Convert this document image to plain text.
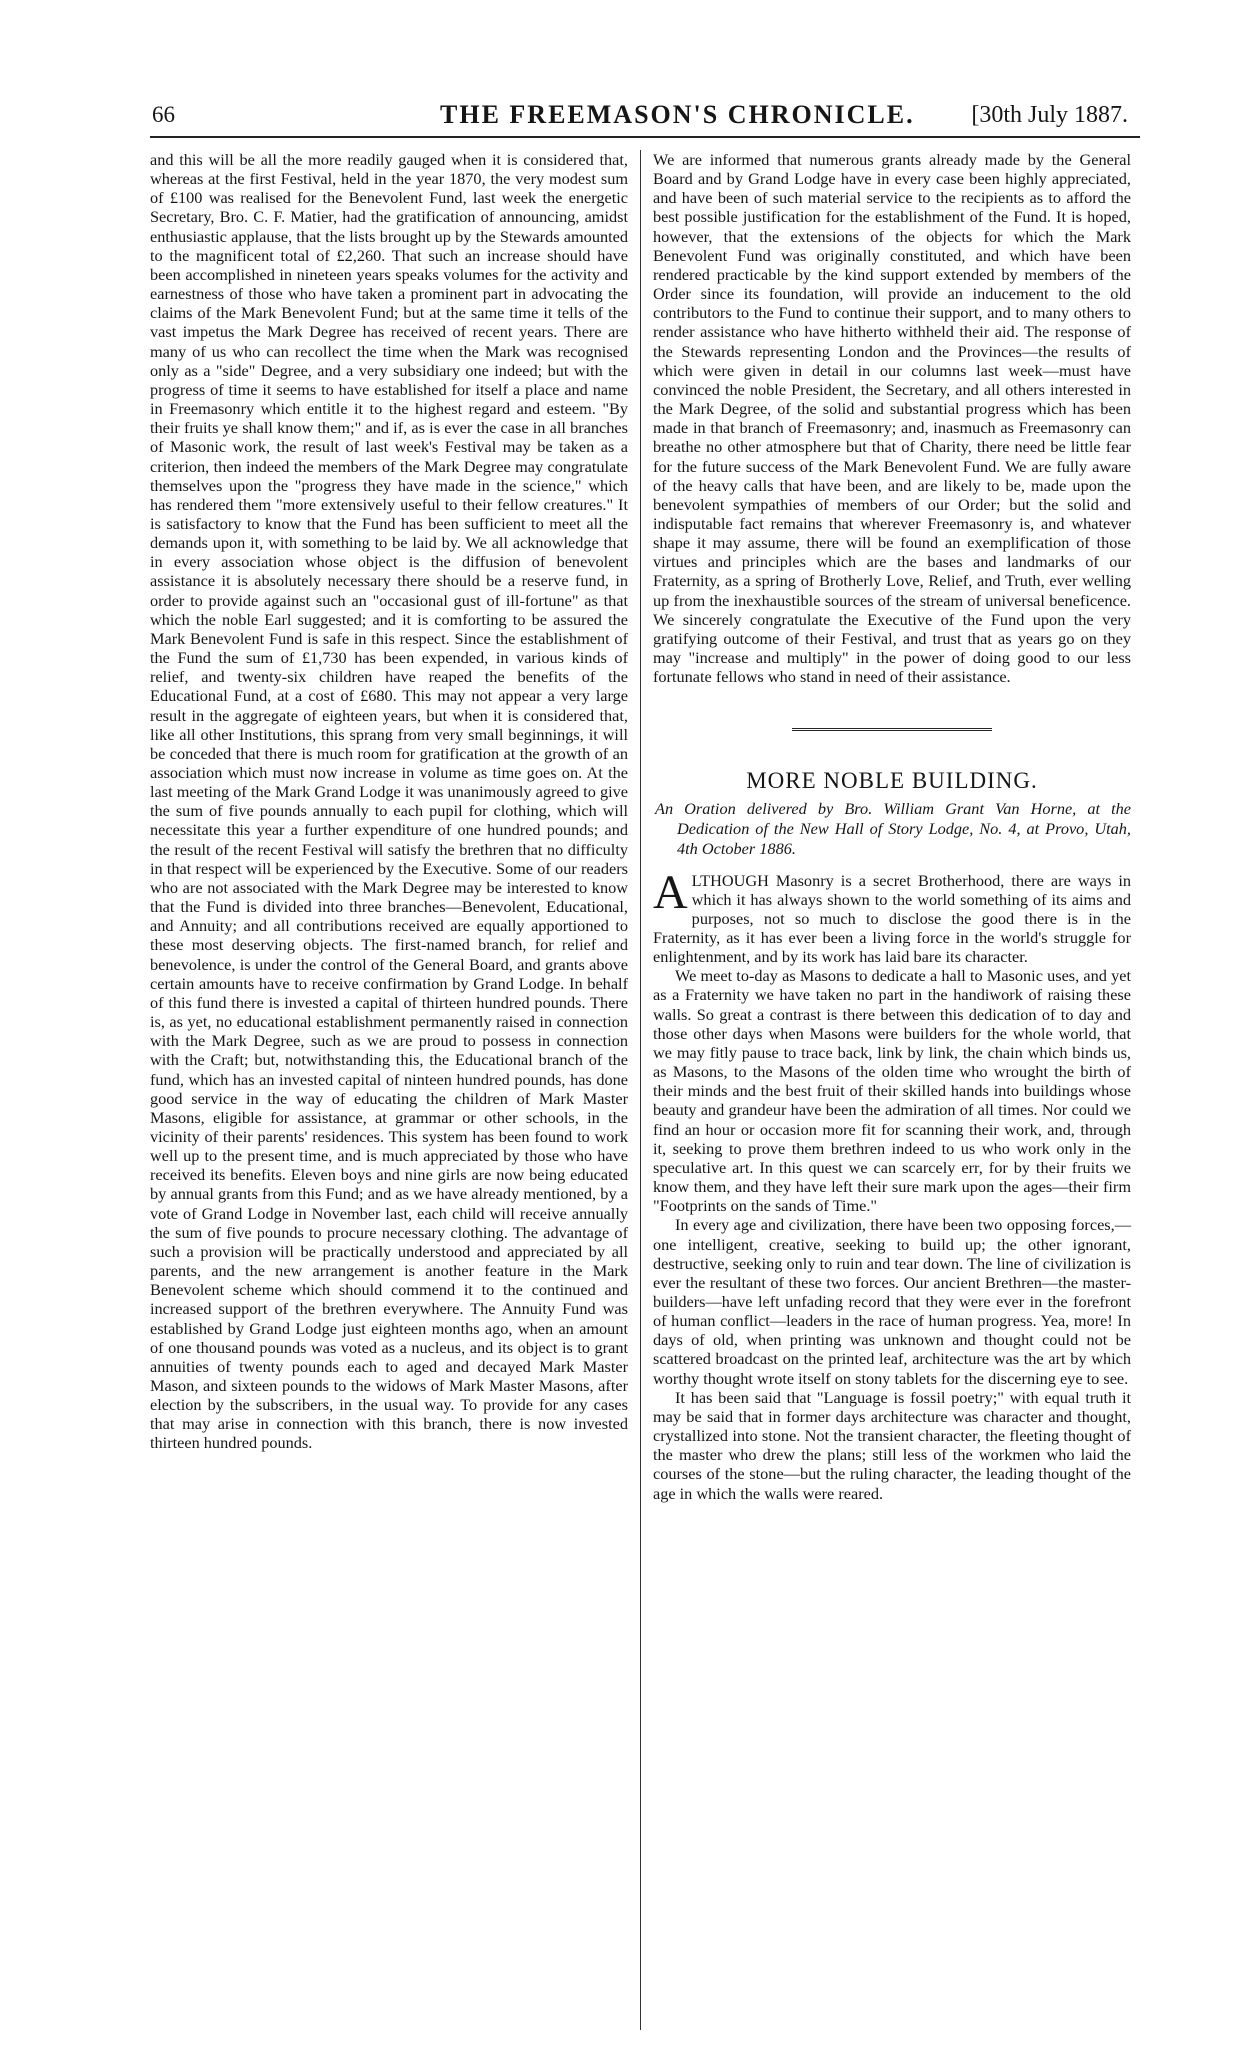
66	THE FREEMASON'S CHRONICLE. [30th July 1887.

and this will be all the more readily gauged when it is considered that, whereas at the first Festival, held in the year 1870, the very modest sum of £100 was realised for the Benevolent Fund, last week the energetic Secretary, Bro. C. F. Matier, had the gratification of announcing, amidst enthusiastic applause, that the lists brought up by the Stewards amounted to the magnificent total of £2,260. That such an increase should have been accomplished in nineteen years speaks volumes for the activity and earnestness of those who have taken a prominent part in advocating the claims of the Mark Benevolent Fund; but at the same time it tells of the vast impetus the Mark Degree has received of recent years. There are many of us who can recollect the time when the Mark was recognised only as a "side" Degree, and a very subsidiary one indeed; but with the progress of time it seems to have established for itself a place and name in Freemasonry which entitle it to the highest regard and esteem. "By their fruits ye shall know them;" and if, as is ever the case in all branches of Masonic work, the result of last week's Festival may be taken as a criterion, then indeed the members of the Mark Degree may congratulate themselves upon the "progress they have made in the science," which has rendered them "more extensively useful to their fellow creatures." It is satisfactory to know that the Fund has been sufficient to meet all the demands upon it, with something to be laid by. We all acknowledge that in every association whose object is the diffusion of benevolent assistance it is absolutely necessary there should be a reserve fund, in order to provide against such an "occasional gust of ill-fortune" as that which the noble Earl suggested; and it is comforting to be assured the Mark Benevolent Fund is safe in this respect. Since the establishment of the Fund the sum of £1,730 has been expended, in various kinds of relief, and twenty-six children have reaped the benefits of the Educational Fund, at a cost of £680. This may not appear a very large result in the aggregate of eighteen years, but when it is considered that, like all other Institutions, this sprang from very small beginnings, it will be conceded that there is much room for gratification at the growth of an association which must now increase in volume as time goes on. At the last meeting of the Mark Grand Lodge it was unanimously agreed to give the sum of five pounds annually to each pupil for clothing, which will necessitate this year a further expenditure of one hundred pounds; and the result of the recent Festival will satisfy the brethren that no difficulty in that respect will be experienced by the Executive. Some of our readers who are not associated with the Mark Degree may be interested to know that the Fund is divided into three branches—Benevolent, Educational, and Annuity; and all contributions received are equally apportioned to these most deserving objects. The first-named branch, for relief and benevolence, is under the control of the General Board, and grants above certain amounts have to receive confirmation by Grand Lodge. In behalf of this fund there is invested a capital of thirteen hundred pounds. There is, as yet, no educational establishment permanently raised in connection with the Mark Degree, such as we are proud to possess in connection with the Craft; but, notwithstanding this, the Educational branch of the fund, which has an invested capital of ninteen hundred pounds, has done good service in the way of educating the children of Mark Master Masons, eligible for assistance, at grammar or other schools, in the vicinity of their parents' residences. This system has been found to work well up to the present time, and is much appreciated by those who have received its benefits. Eleven boys and nine girls are now being educated by annual grants from this Fund; and as we have already mentioned, by a vote of Grand Lodge in November last, each child will receive annually the sum of five pounds to procure necessary clothing. The advantage of such a provision will be practically understood and appreciated by all parents, and the new arrangement is another feature in the Mark Benevolent scheme which should commend it to the continued and increased support of the brethren everywhere. The Annuity Fund was established by Grand Lodge just eighteen months ago, when an amount of one thousand pounds was voted as a nucleus, and its object is to grant annuities of twenty pounds each to aged and decayed Mark Master Mason, and sixteen pounds to the widows of Mark Master Masons, after election by the subscribers, in the usual way. To provide for any cases that may arise in connection with this branch, there is now invested thirteen hundred pounds.

We are informed that numerous grants already made by the General Board and by Grand Lodge have in every case been highly appreciated, and have been of such material service to the recipients as to afford the best possible justification for the establishment of the Fund. It is hoped, however, that the extensions of the objects for which the Mark Benevolent Fund was originally constituted, and which have been rendered practicable by the kind support extended by members of the Order since its foundation, will provide an inducement to the old contributors to the Fund to continue their support, and to many others to render assistance who have hitherto withheld their aid. The response of the Stewards representing London and the Provinces—the results of which were given in detail in our columns last week—must have convinced the noble President, the Secretary, and all others interested in the Mark Degree, of the solid and substantial progress which has been made in that branch of Freemasonry; and, inasmuch as Freemasonry can breathe no other atmosphere but that of Charity, there need be little fear for the future success of the Mark Benevolent Fund. We are fully aware of the heavy calls that have been, and are likely to be, made upon the benevolent sympathies of members of our Order; but the solid and indisputable fact remains that wherever Freemasonry is, and whatever shape it may assume, there will be found an exemplification of those virtues and principles which are the bases and landmarks of our Fraternity, as a spring of Brotherly Love, Relief, and Truth, ever welling up from the inexhaustible sources of the stream of universal beneficence. We sincerely congratulate the Executive of the Fund upon the very gratifying outcome of their Festival, and trust that as years go on they may "increase and multiply" in the power of doing good to our less fortunate fellows who stand in need of their assistance.

MORE NOBLE BUILDING.
An Oration delivered by Bro. William Grant Van Horne, at the Dedication of the New Hall of Story Lodge, No. 4, at Provo, Utah, 4th October 1886.

ALTHOUGH Masonry is a secret Brotherhood, there are ways in which it has always shown to the world something of its aims and purposes, not so much to disclose the good there is in the Fraternity, as it has ever been a living force in the world's struggle for enlightenment, and by its work has laid bare its character.

We meet to-day as Masons to dedicate a hall to Masonic uses, and yet as a Fraternity we have taken no part in the handiwork of raising these walls. So great a contrast is there between this dedication of to day and those other days when Masons were builders for the whole world, that we may fitly pause to trace back, link by link, the chain which binds us, as Masons, to the Masons of the olden time who wrought the birth of their minds and the best fruit of their skilled hands into buildings whose beauty and grandeur have been the admiration of all times. Nor could we find an hour or occasion more fit for scanning their work, and, through it, seeking to prove them brethren indeed to us who work only in the speculative art. In this quest we can scarcely err, for by their fruits we know them, and they have left their sure mark upon the ages—their firm "Footprints on the sands of Time."

In every age and civilization, there have been two opposing forces,—one intelligent, creative, seeking to build up; the other ignorant, destructive, seeking only to ruin and tear down. The line of civilization is ever the resultant of these two forces. Our ancient Brethren—the master-builders—have left unfading record that they were ever in the forefront of human conflict—leaders in the race of human progress. Yea, more! In days of old, when printing was unknown and thought could not be scattered broadcast on the printed leaf, architecture was the art by which worthy thought wrote itself on stony tablets for the discerning eye to see.

It has been said that "Language is fossil poetry;" with equal truth it may be said that in former days architecture was character and thought, crystallized into stone. Not the transient character, the fleeting thought of the master who drew the plans; still less of the workmen who laid the courses of the stone—but the ruling character, the leading thought of the age in which the walls were reared.
